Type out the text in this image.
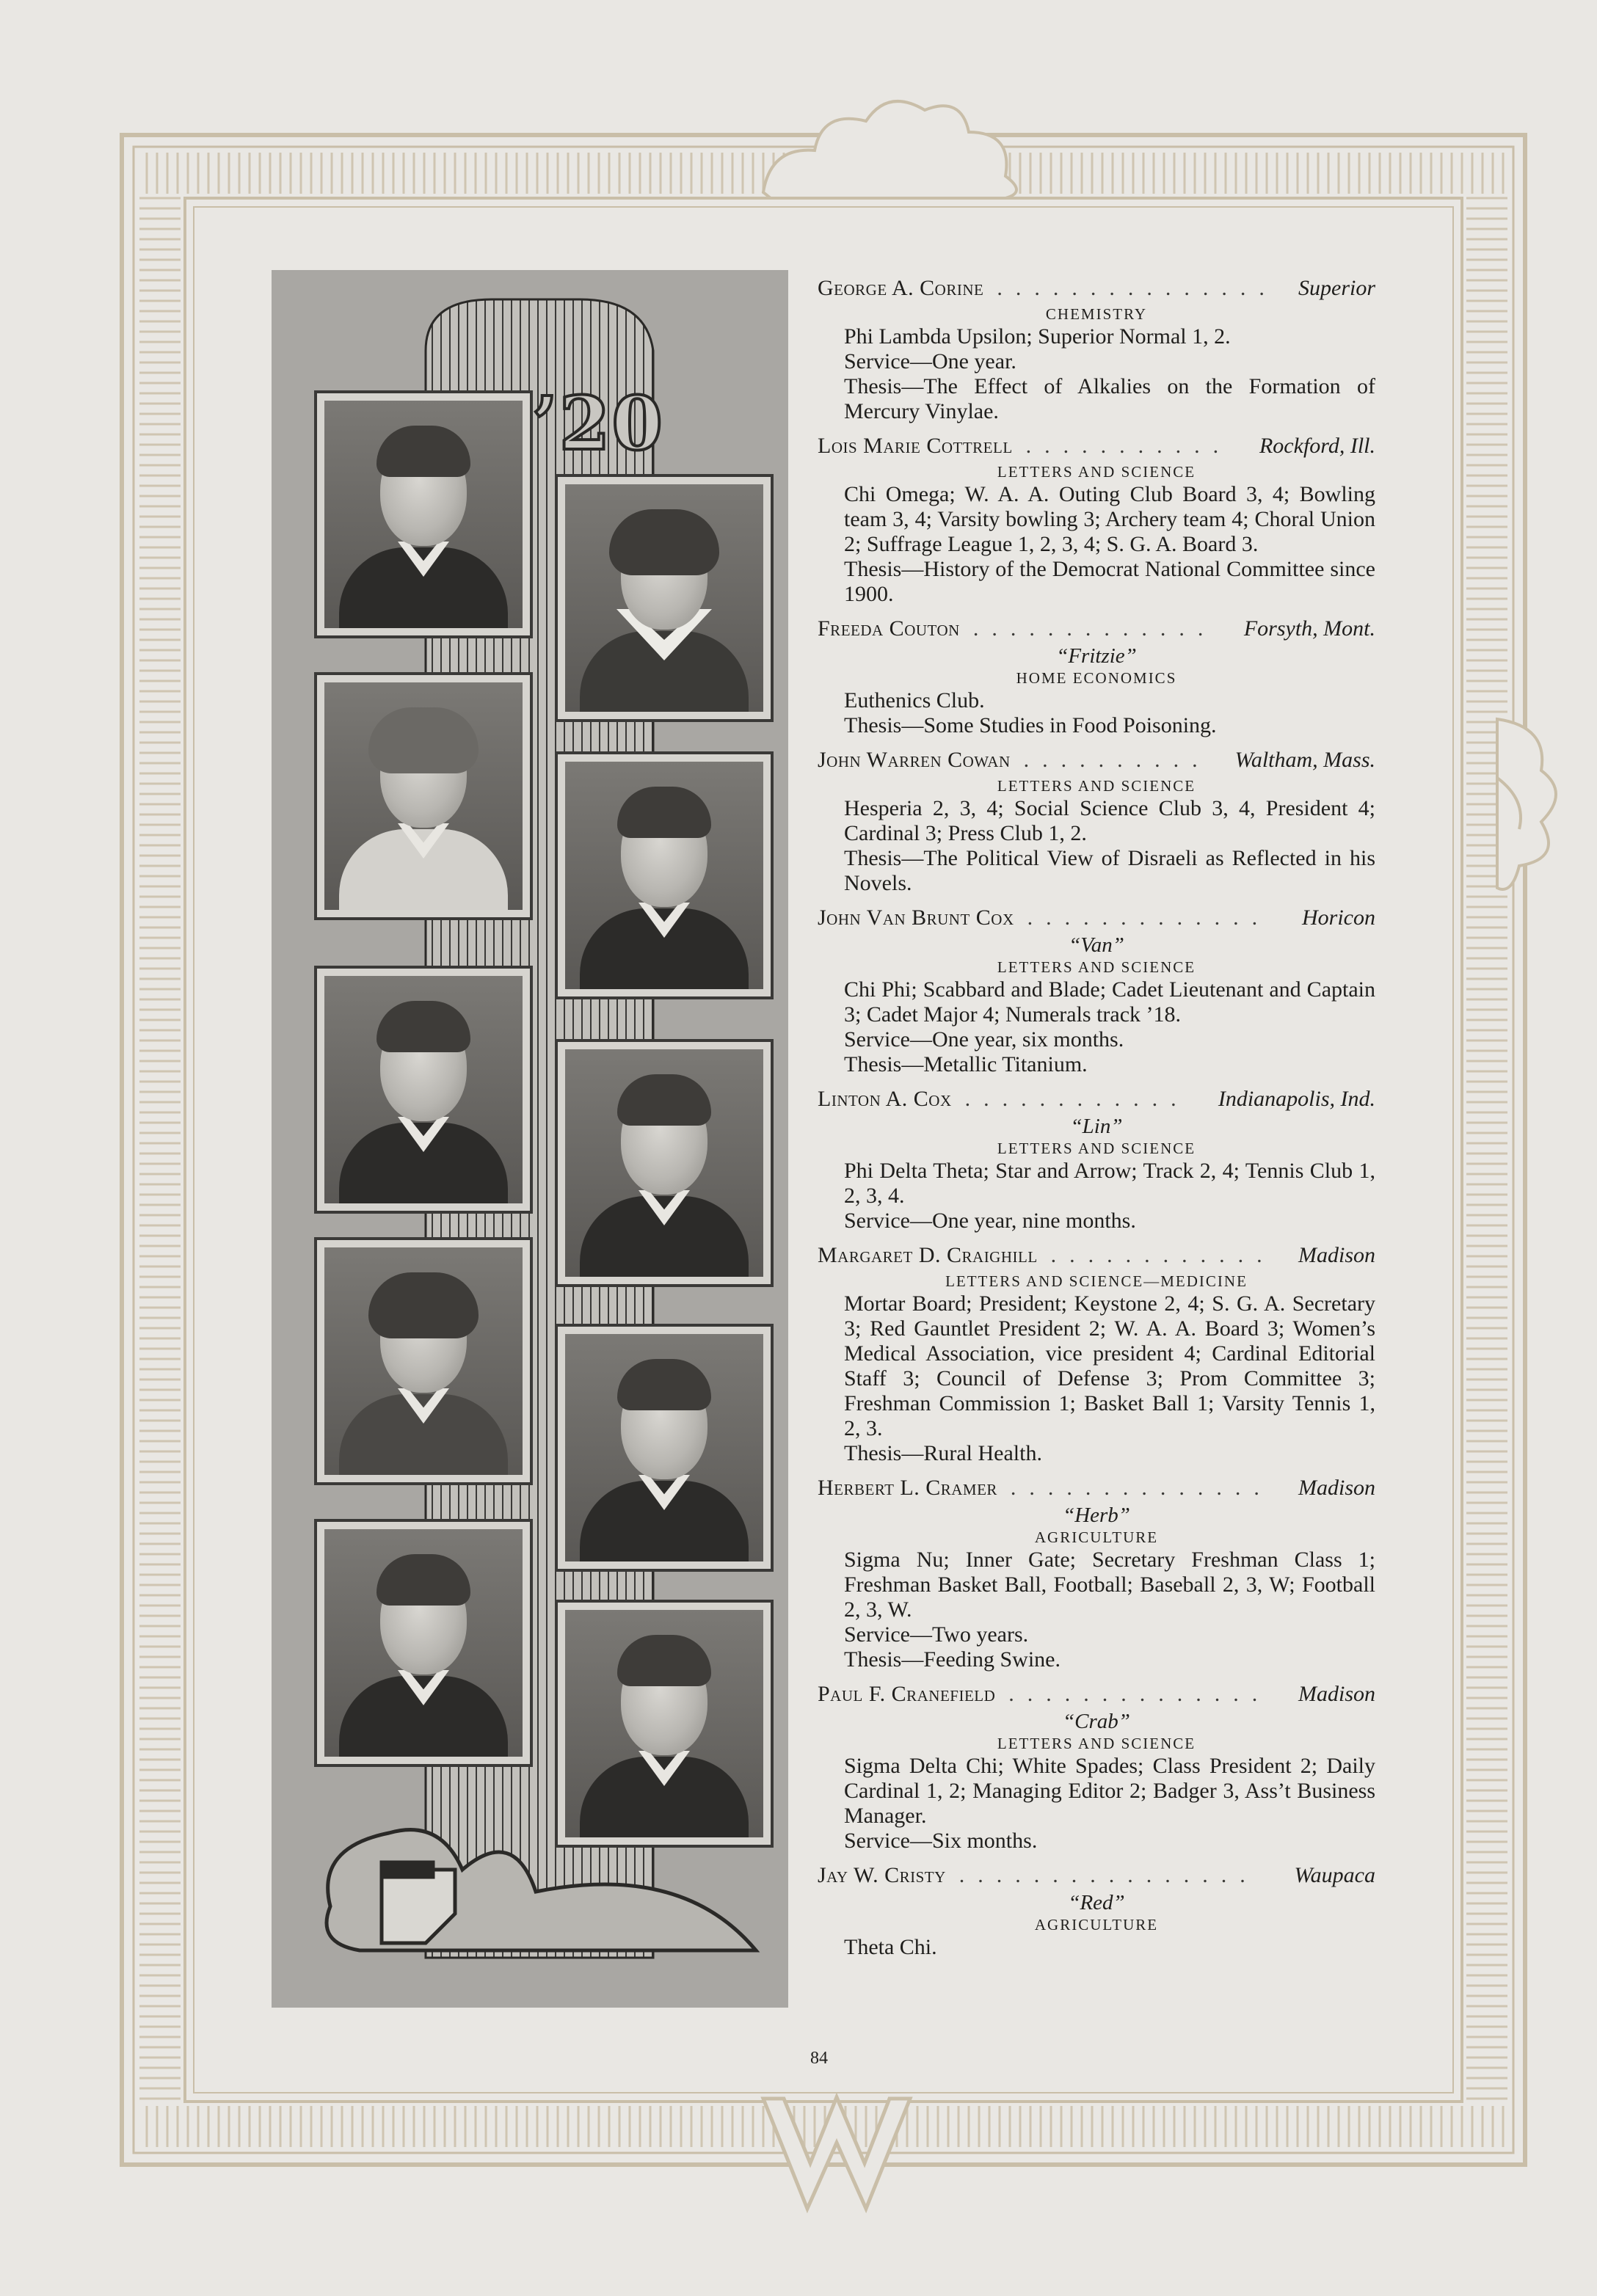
’20
George A. Corine ............... Superior
CHEMISTRY
Phi Lambda Upsilon; Superior Normal 1, 2.
Service—One year.
Thesis—The Effect of Alkalies on the Formation of Mercury Vinylae.
Lois Marie Cottrell ...........	Rockford, Ill.
LETTERS AND SCIENCE
Chi Omega; W. A. A. Outing Club Board 3, 4; Bowling team 3, 4; Varsity bowling 3; Archery team 4; Choral Union 2; Suffrage League 1, 2, 3, 4; S. G. A. Board 3.
Thesis—History of the Democrat National Committee since 1900.
Freeda Couton .............	Forsyth, Mont.
“Fritzie”
HOME ECONOMICS
Euthenics Club.
Thesis—Some Studies in Food Poisoning.
John Warren Cowan ..........	Waltham, Mass.
LETTERS AND SCIENCE
Hesperia 2, 3, 4; Social Science Club 3, 4, President 4; Cardinal 3; Press Club 1, 2.
Thesis—The Political View of Disraeli as Reflected in his Novels.
John Van Brunt Cox .............	Horicon
“Van”
LETTERS AND SCIENCE
Chi Phi; Scabbard and Blade; Cadet Lieutenant and Captain 3; Cadet Major 4; Numerals track ’18.
Service—One year, six months.
Thesis—Metallic Titanium.
Linton A. Cox ............	Indianapolis, Ind.
“Lin”
LETTERS AND SCIENCE
Phi Delta Theta; Star and Arrow; Track 2, 4; Tennis Club 1, 2, 3, 4.
Service—One year, nine months.
Margaret D. Craighill ............	Madison
LETTERS AND SCIENCE—MEDICINE
Mortar Board; President; Keystone 2, 4; S. G. A. Secretary 3; Red Gauntlet President 2; W. A. A. Board 3; Women’s Medical Association, vice president 4; Cardinal Editorial Staff 3; Council of Defense 3; Prom Committee 3; Freshman Commission 1; Basket Ball 1; Varsity Tennis 1, 2, 3.
Thesis—Rural Health.
Herbert L. Cramer ..............	Madison
“Herb”
AGRICULTURE
Sigma Nu; Inner Gate; Secretary Freshman Class 1; Freshman Basket Ball, Football; Baseball 2, 3, W; Football 2, 3, W.
Service—Two years.
Thesis—Feeding Swine.
Paul F. Cranefield ..............	Madison
“Crab”
LETTERS AND SCIENCE
Sigma Delta Chi; White Spades; Class President 2; Daily Cardinal 1, 2; Managing Editor 2; Badger 3, Ass’t Business Manager.
Service—Six months.
Jay W. Cristy ................	Waupaca
“Red”
AGRICULTURE
Theta Chi.
84
